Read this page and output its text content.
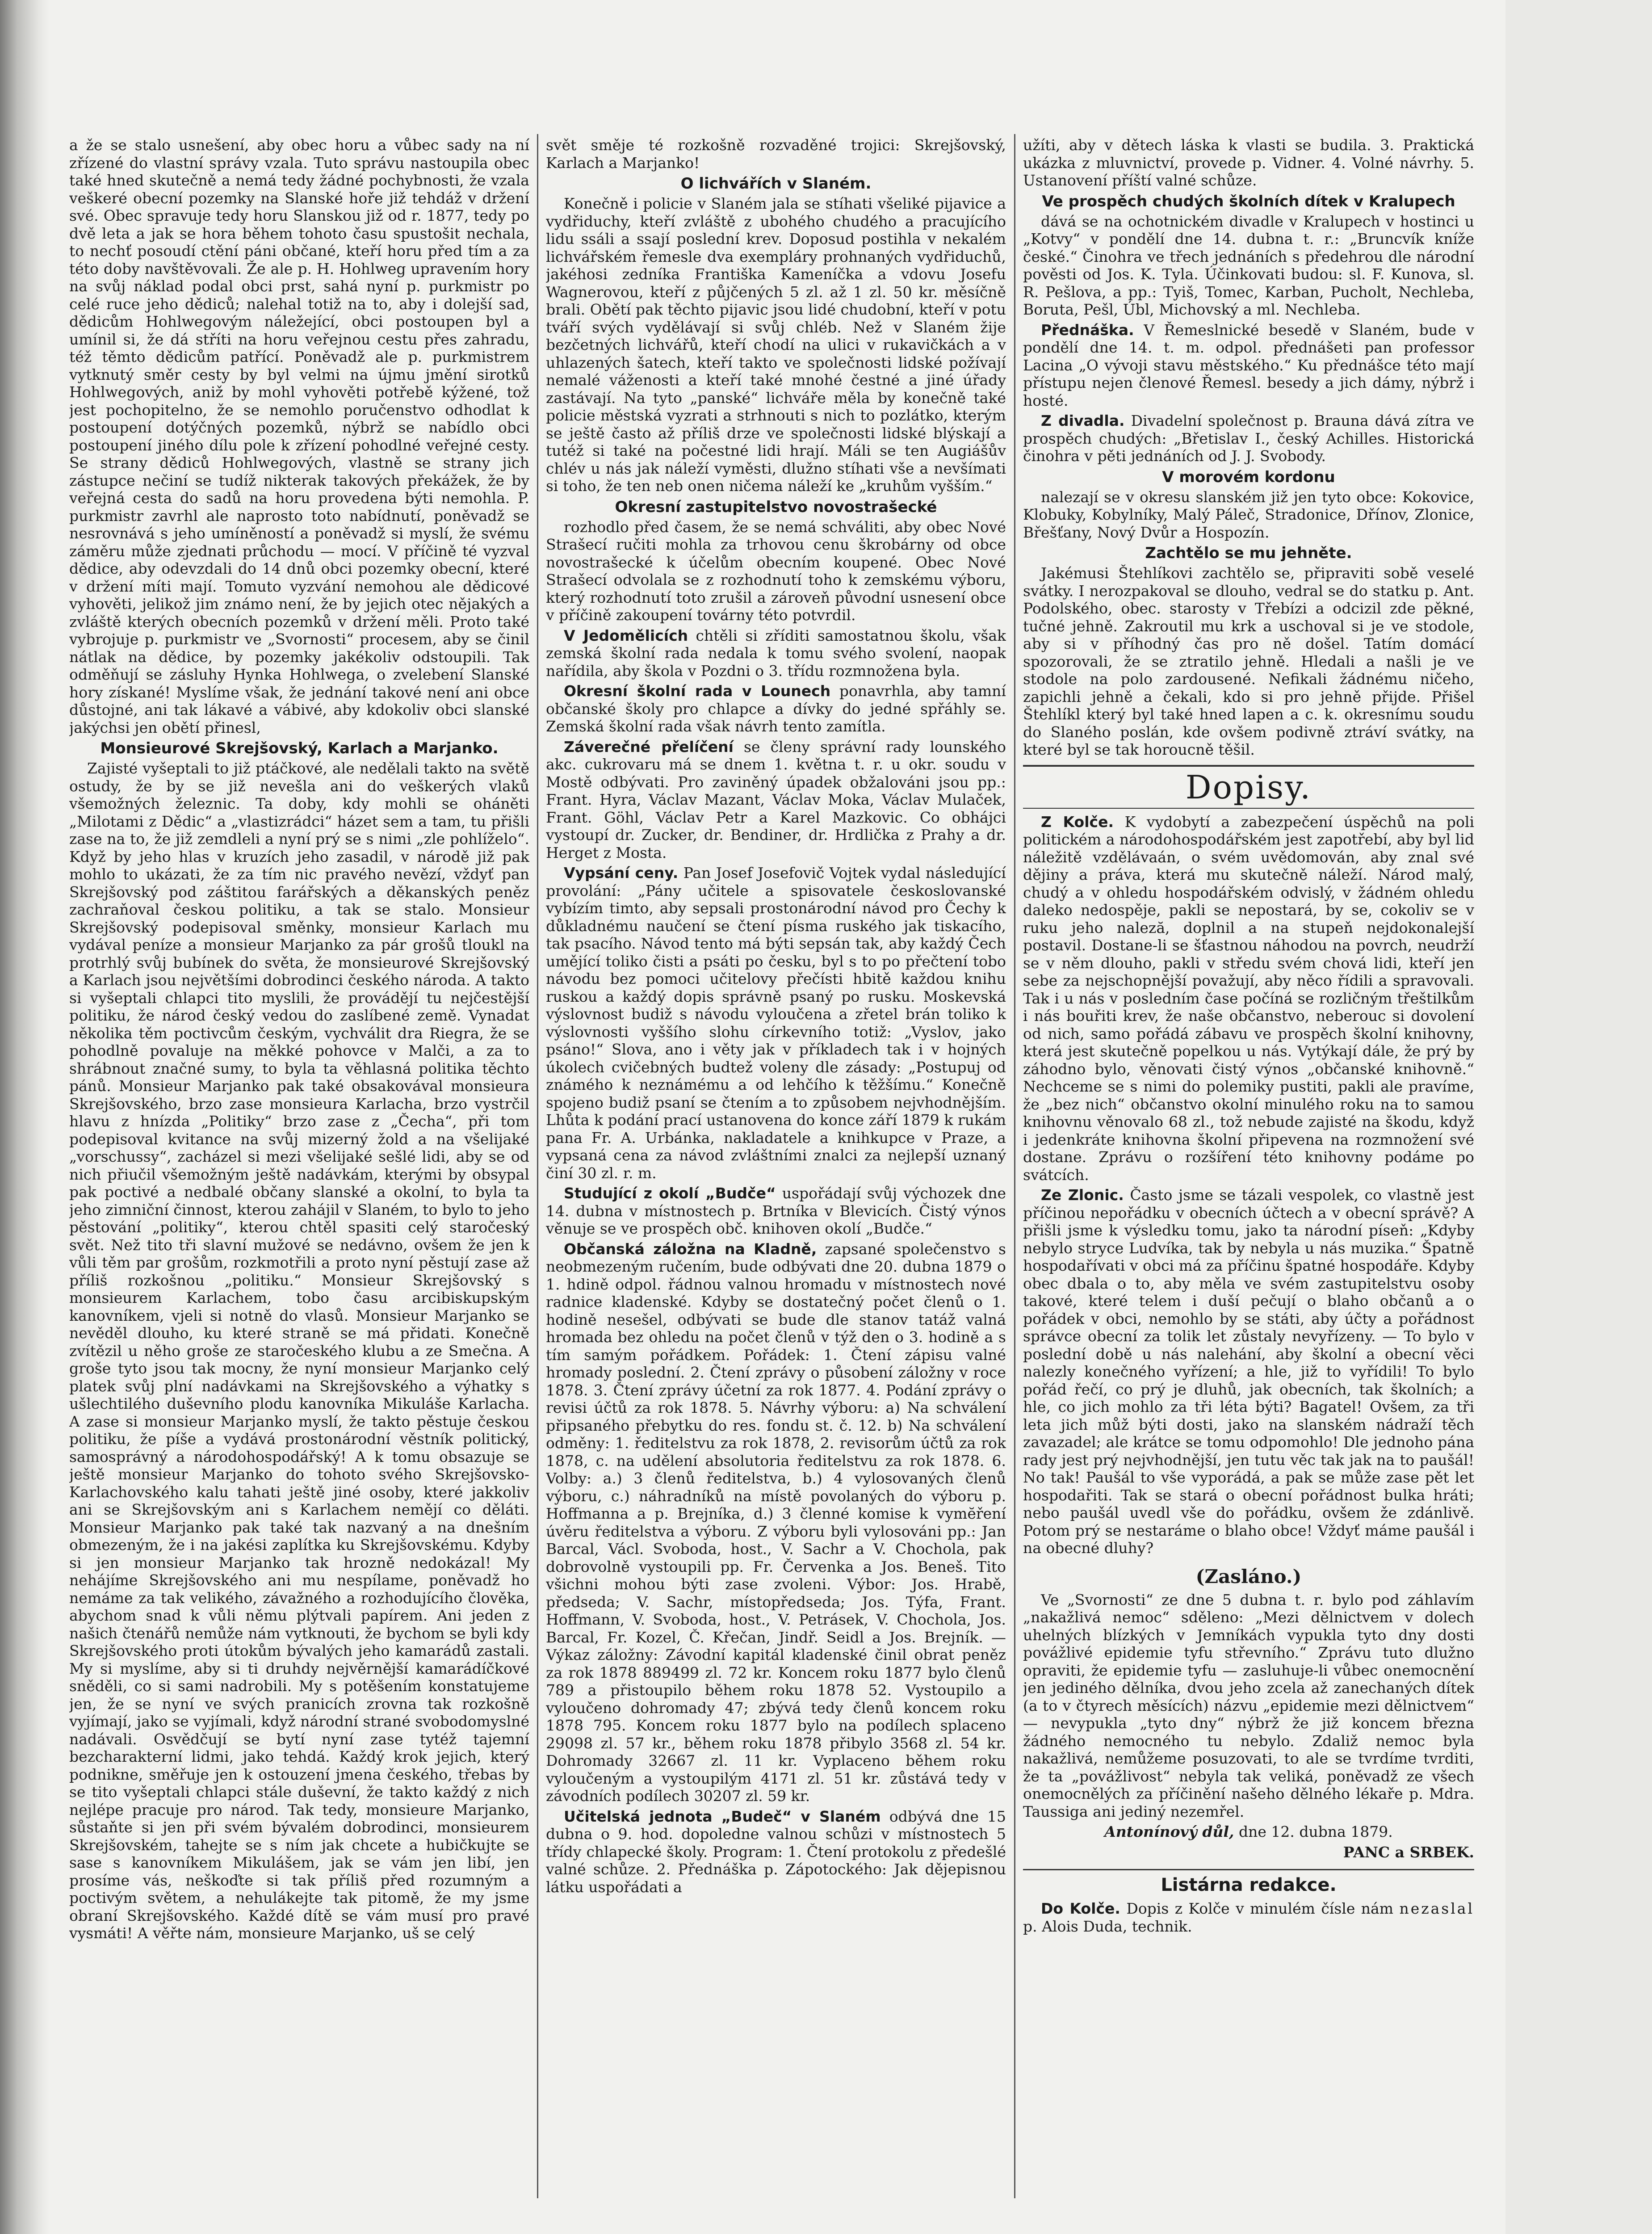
a že se stalo usnešení, aby obec horu a vůbec sady na ní zřízené do vlastní správy vzala. Tuto správu nastoupila obec také hned skutečně a nemá tedy žádné pochybnosti, že vzala veškeré obecní pozemky na Slanské hoře již tehdáž v držení své. Obec spravuje tedy horu Slanskou již od r. 1877, tedy po dvě leta a jak se hora během tohoto času spustošit nechala, to nechť posoudí ctění páni občané, kteří horu před tím a za této doby navštěvovali. Že ale p. H. Hohlweg upravením hory na svůj náklad podal obci prst, sahá nyní p. purkmistr po celé ruce jeho dědiců; nalehal totiž na to, aby i dolejší sad, dědicům Hohlwegovým náležející, obci postoupen byl a umínil si, že dá stříti na horu veřejnou cestu přes zahradu, též těmto dědicům patřící. Poněvadž ale p. purkmistrem vytknutý směr cesty by byl velmi na újmu jmění sirotků Hohlwegových, aniž by mohl vyhověti potřebě kýžené, tož jest pochopitelno, že se nemohlo poručenstvo odhodlat k postoupení dotýčných pozemků, nýbrž se nabídlo obci postoupení jiného dílu pole k zřízení pohodlné veřejné cesty. Se strany dědiců Hohlwegových, vlastně se strany jich zástupce nečiní se tudíž nikterak takových překážek, že by veřejná cesta do sadů na horu provedena býti nemohla. P. purkmistr zavrhl ale naprosto toto nabídnutí, poněvadž se nesrovnává s jeho umíněností a poněvadž si myslí, že svému záměru může zjednati průchodu — mocí. V příčině té vyzval dědice, aby odevzdali do 14 dnů obci pozemky obecní, které v držení míti mají. Tomuto vyzvání nemohou ale dědicové vyhověti, jelikož jim známo není, že by jejich otec nějakých a zvláště kterých obecních pozemků v držení měli. Proto také vybrojuje p. purkmistr ve „Svornosti“ procesem, aby se činil nátlak na dědice, by pozemky jakékoliv odstoupili. Tak odměňují se zásluhy Hynka Hohlwega, o zvelebení Slanské hory získané! Myslíme však, že jednání takové není ani obce důstojné, ani tak lákavé a vábivé, aby kdokoliv obci slanské jakýchsi jen obětí přinesl,

Monsieurové Skrejšovský, Karlach a Marjanko.

Zajisté vyšeptali to již ptáčkové, ale nedělali takto na světě ostudy, že by se již nevešla ani do veškerých vlaků všemožných železnic. Ta doby, kdy mohli se oháněti „Milotami z Dědic“ a „vlastizrádci“ házet sem a tam, tu přišli zase na to, že již zemdleli a nyní prý se s nimi „zle pohlíželo“. Když by jeho hlas v kruzích jeho zasadil, v národě již pak mohlo to ukázati, že za tím nic pravého nevězí, vždyť pan Skrejšovský pod záštitou farářských a děkanských peněz zachraňoval českou politiku, a tak se stalo. Monsieur Skrejšovský podepisoval směnky, monsieur Karlach mu vydával peníze a monsieur Marjanko za pár grošů tloukl na protrhlý svůj bubínek do světa, že monsieurové Skrejšovský a Karlach jsou největšími dobrodinci českého národa. A takto si vyšeptali chlapci tito myslili, že provádějí tu nejčestější politiku, že národ český vedou do zaslíbené země. Vynadat několika těm poctivcům českým, vychválit dra Riegra, že se pohodlně povaluje na měkké pohovce v Malči, a za to shrábnout značné sumy, to byla ta věhlasná politika těchto pánů. Monsieur Marjanko pak také obsakovával monsieura Skrejšovského, brzo zase monsieura Karlacha, brzo vystrčil hlavu z hnízda „Politiky“ brzo zase z „Čecha“, při tom podepisoval kvitance na svůj mizerný žold a na všelijaké „vorschussy“, zacházel si mezi všelijaké sešlé lidi, aby se od nich přiučil všemožným ještě nadávkám, kterými by obsypal pak poctivé a nedbalé občany slanské a okolní, to byla ta jeho zimniční činnost, kterou zahájil v Slaném, to bylo to jeho pěstování „politiky“, kterou chtěl spasiti celý staročeský svět. Než tito tři slavní mužové se nedávno, ovšem že jen k vůli těm par grošům, rozkmotřili a proto nyní pěstují zase až příliš rozkošnou „politiku.“ Monsieur Skrejšovský s monsieurem Karlachem, tobo času arcibiskupským kanovníkem, vjeli si notně do vlasů. Monsieur Marjanko se nevěděl dlouho, ku které straně se má přidati. Konečně zvítězil u něho groše ze staročeského klubu a ze Smečna. A groše tyto jsou tak mocny, že nyní monsieur Marjanko celý platek svůj plní nadávkami na Skrejšovského a výhatky s ušlechtilého duševního plodu kanovníka Mikuláše Karlacha. A zase si monsieur Marjanko myslí, že takto pěstuje českou politiku, že píše a vydává prostonárodní věstník politický, samosprávný a národohospodářský! A k tomu obsazuje se ještě monsieur Marjanko do tohoto svého Skrejšovsko-Karlachovského kalu tahati ještě jiné osoby, které jakkoliv ani se Skrejšovským ani s Karlachem nemějí co děláti. Monsieur Marjanko pak také tak nazvaný a na dnešním obmezeným, že i na jakési zaplítka ku Skrejšovskému. Kdyby si jen monsieur Marjanko tak hrozně nedokázal! My nehájíme Skrejšovského ani mu nespílame, poněvadž ho nemáme za tak velikého, závažného a rozhodujícího člověka, abychom snad k vůli němu plýtvali papírem. Ani jeden z našich čtenářů nemůže nám vytknouti, že bychom se byli kdy Skrejšovského proti útokům bývalých jeho kamarádů zastali. My si myslíme, aby si ti druhdy nejvěrnější kamarádíčkové sněděli, co si sami nadrobili. My s potěšením konstatujeme jen, že se nyní ve svých pranicích zrovna tak rozkošně vyjímají, jako se vyjímali, když národní strané svobodomyslné nadávali. Osvědčují se bytí nyní zase tytéž tajemní bezcharakterní lidmi, jako tehdá. Každý krok jejich, který podnikne, směřuje jen k ostouzení jmena českého, třebas by se tito vyšeptali chlapci stále duševní, že takto každý z nich nejlépe pracuje pro národ. Tak tedy, monsieure Marjanko, sůstaňte si jen při svém bývalém dobrodinci, monsieurem Skrejšovském, tahejte se s ním jak chcete a hubičkujte se sase s kanovníkem Mikulášem, jak se vám jen libí, jen prosíme vás, neškoďte si tak příliš před rozumným a poctivým světem, a nehulákejte tak pitomě, že my jsme obraní Skrejšovského. Každé dítě se vám musí pro pravé vysmáti! A věřte nám, monsieure Marjanko, uš se celý

svět směje té rozkošně rozvaděné trojici: Skrejšovský, Karlach a Marjanko!

O lichvářích v Slaném.

Konečně i policie v Slaném jala se stíhati všeliké pijavice a vydřiduchy, kteří zvláště z ubohého chudého a pracujícího lidu ssáli a ssají poslední krev. Doposud postihla v nekalém lichvářském řemesle dva exempláry prohnaných vydřiduchů, jakéhosi zedníka Františka Kameníčka a vdovu Josefu Wagnerovou, kteří z půjčených 5 zl. až 1 zl. 50 kr. měsíčně brali. Obětí pak těchto pijavic jsou lidé chudobní, kteří v potu tváří svých vydělávají si svůj chléb. Než v Slaném žije bezčetných lichvářů, kteří chodí na ulici v rukavičkách a v uhlazených šatech, kteří takto ve společnosti lidské požívají nemalé váženosti a kteří také mnohé čestné a jiné úřady zastávají. Na tyto „panské“ lichváře měla by konečně také policie městská vyzrati a strhnouti s nich to pozlátko, kterým se ještě často až příliš drze ve společnosti lidské blýskají a tutéž si také na počestné lidi hrají. Máli se ten Augiášův chlév u nás jak náleží vyměsti, dlužno stíhati vše a nevšímati si toho, že ten neb onen ničema náleží ke „kruhům vyšším.“

Okresní zastupitelstvo novostrašecké

rozhodlo před časem, že se nemá schváliti, aby obec Nové Strašecí ručiti mohla za trhovou cenu škrobárny od obce novostrašecké k účelům obecním koupené. Obec Nové Strašecí odvolala se z rozhodnutí toho k zemskému výboru, který rozhodnutí toto zrušil a zároveň původní usnesení obce v příčině zakoupení továrny této potvrdil.

V Jedomělicích chtěli si zříditi samostatnou školu, však zemská školní rada nedala k tomu svého svolení, naopak nařídila, aby škola v Pozdni o 3. třídu rozmnožena byla.

Okresní školní rada v Lounech ponavrhla, aby tamní občanské školy pro chlapce a dívky do jedné spřáhly se. Zemská školní rada však návrh tento zamítla.

Záverečné přelíčení se členy správní rady lounského akc. cukrovaru má se dnem 1. května t. r. u okr. soudu v Mostě odbývati. Pro zaviněný úpadek obžalováni jsou pp.: Frant. Hyra, Václav Mazant, Václav Moka, Václav Mulaček, Frant. Göhl, Václav Petr a Karel Mazkovic. Co obhájci vystoupí dr. Zucker, dr. Bendiner, dr. Hrdlička z Prahy a dr. Herget z Mosta.

Vypsání ceny. Pan Josef Josefovič Vojtek vydal následující provolání: „Pány učitele a spisovatele českoslovanské vybízím timto, aby sepsali prostonárodní návod pro Čechy k důkladnému naučení se čtení písma ruského jak tiskacího, tak psacího. Návod tento má býti sepsán tak, aby každý Čech umějící toliko čisti a psáti po česku, byl s to po přečtení tobo návodu bez pomoci učitelovy přečísti hbitě každou knihu ruskou a každý dopis správně psaný po rusku. Moskevská výslovnost budiž s návodu vyloučena a zřetel brán toliko k výslovnosti vyššího slohu církevního totiž: „Vyslov, jako psáno!“ Slova, ano i věty jak v příkladech tak i v hojných úkolech cvičebných budtež voleny dle zásady: „Postupuj od známého k neznámému a od lehčího k těžšímu.“ Konečně spojeno budiž psaní se čtením a to způsobem nejvhodnějším. Lhůta k podání prací ustanovena do konce září 1879 k rukám pana Fr. A. Urbánka, nakladatele a knihkupce v Praze, a vypsaná cena za návod zvláštními znalci za nejlepší uznaný činí 30 zl. r. m.

Studující z okolí „Budče“ uspořádají svůj výchozek dne 14. dubna v místnostech p. Brtníka v Blevicích. Čistý výnos věnuje se ve prospěch obč. knihoven okolí „Budče.“

Občanská záložna na Kladně, zapsané společenstvo s neobmezeným ručením, bude odbývati dne 20. dubna 1879 o 1. hdině odpol. řádnou valnou hromadu v místnostech nové radnice kladenské. Kdyby se dostatečný počet členů o 1. hodině nesešel, odbývati se bude dle stanov tatáž valná hromada bez ohledu na počet členů v týž den o 3. hodině a s tím samým pořádkem. Pořádek: 1. Čtení zápisu valné hromady poslední. 2. Čtení zprávy o působení záložny v roce 1878. 3. Čtení zprávy účetní za rok 1877. 4. Podání zprávy o revisi účtů za rok 1878. 5. Návrhy výboru: a) Na schválení připsaného přebytku do res. fondu st. č. 12. b) Na schválení odměny: 1. ředitelstvu za rok 1878, 2. revisorům účtů za rok 1878, c. na udělení absolutoria ředitelstvu za rok 1878. 6. Volby: a.) 3 členů ředitelstva, b.) 4 vylosovaných členů výboru, c.) náhradníků na místě povolaných do výboru p. Hoffmanna a p. Brejníka, d.) 3 členné komise k vymĕření úvěru ředitelstva a výboru. Z výboru byli vylosováni pp.: Jan Barcal, Václ. Svoboda, host., V. Sachr a V. Chochola, pak dobrovolně vystoupili pp. Fr. Červenka a Jos. Beneš. Tito všichni mohou býti zase zvoleni. Výbor: Jos. Hrabě, předseda; V. Sachr, místopředseda; Jos. Týfa, Frant. Hoffmann, V. Svoboda, host., V. Petrásek, V. Chochola, Jos. Barcal, Fr. Kozel, Č. Křečan, Jindř. Seidl a Jos. Brejník. — Výkaz záložny: Závodní kapitál kladenské činil obrat peněz za rok 1878 889499 zl. 72 kr. Koncem roku 1877 bylo členů 789 a přistoupilo během roku 1878 52. Vystoupilo a vyloučeno dohromady 47; zbývá tedy členů koncem roku 1878 795. Koncem roku 1877 bylo na podílech splaceno 29098 zl. 57 kr., během roku 1878 přibylo 3568 zl. 54 kr. Dohromady 32667 zl. 11 kr. Vyplaceno během roku vyloučeným a vystoupilým 4171 zl. 51 kr. zůstává tedy v závodních podílech 30207 zl. 59 kr.

Učitelská jednota „Budeč“ v Slaném odbývá dne 15 dubna o 9. hod. dopoledne valnou schůzi v místnostech 5 třídy chlapecké školy. Program: 1. Čtení protokolu z předešlé valné schůze. 2. Přednáška p. Zápotockého: Jak dějepisnou látku uspořádati a

užíti, aby v dětech láska k vlasti se budila. 3. Praktická ukázka z mluvnictví, provede p. Vidner. 4. Volné návrhy. 5. Ustanovení příští valné schůze.

Ve prospěch chudých školních dítek v Kralupech

dává se na ochotnickém divadle v Kralupech v hostinci u „Kotvy“ v pondělí dne 14. dubna t. r.: „Bruncvík kníže české.“ Činohra ve třech jednáních s předehrou dle národní pověsti od Jos. K. Tyla. Účinkovati budou: sl. F. Kunova, sl. R. Pešlova, a pp.: Tyiš, Tomec, Karban, Pucholt, Nechleba, Boruta, Pešl, Úbl, Michovský a ml. Nechleba.

Přednáška. V Řemeslnické besedě v Slaném, bude v pondělí dne 14. t. m. odpol. přednášeti pan professor Lacina „O vývoji stavu městského.“ Ku přednášce této mají přístupu nejen členové Řemesl. besedy a jich dámy, nýbrž i hosté.

Z divadla. Divadelní společnost p. Brauna dává zítra ve prospěch chudých: „Břetislav I., český Achilles. Historická činohra v pěti jednáních od J. J. Svobody.

V morovém kordonu

nalezají se v okresu slanském již jen tyto obce: Kokovice, Klobuky, Kobylníky, Malý Páleč, Stradonice, Dřínov, Zlonice, Břešťany, Nový Dvůr a Hospozín.

Zachtělo se mu jehněte.

Jakémusi Štehlíkovi zachtělo se, připraviti sobě veselé svátky. I nerozpakoval se dlouho, vedral se do statku p. Ant. Podolského, obec. starosty v Třebízi a odcizil zde pěkné, tučné jehně. Zakroutil mu krk a uschoval si je ve stodole, aby si v příhodný čas pro ně došel. Tatím domácí spozorovali, že se ztratilo jehně. Hledali a našli je ve stodole na polo zardousené. Nefikali žádnému ničeho, zapichli jehně a čekali, kdo si pro jehně přijde. Přišel Štehlíkl který byl také hned lapen a c. k. okresnímu soudu do Slaného poslán, kde ovšem podivně ztráví svátky, na které byl se tak horoucně těšil.

Dopisy.

Z Kolče. K vydobytí a zabezpečení úspěchů na poli politickém a národohospodářském jest zapotřebí, aby byl lid náležitě vzdělávaán, o svém uvědomován, aby znal své dějiny a práva, která mu skutečně náleží. Národ malý, chudý a v ohledu hospodářském odvislý, v žádném ohledu daleko nedospěje, pakli se nepostará, by se, cokoliv se v ruku jeho naleză, doplnil a na stupeň nejdokonalejší postavil. Dostane-li se šťastnou náhodou na povrch, neudrží se v něm dlouho, pakli v středu svém chová lidi, kteří jen sebe za nejschopnější považují, aby něco řídili a spravovali. Tak i u nás v posledním čase počíná se rozličným třeštilkům i nás bouřiti krev, že naše občanstvo, neberouc si dovolení od nich, samo pořádá zábavu ve prospěch školní knihovny, která jest skutečně popelkou u nás. Vytýkají dále, že prý by záhodno bylo, věnovati čistý výnos „občanské knihovně.“ Nechceme se s nimi do polemiky pustiti, pakli ale pravíme, že „bez nich“ občanstvo okolní minulého roku na to samou knihovnu věnovalo 68 zl., tož nebude zajisté na škodu, když i jedenkráte knihovna školní připevena na rozmnožení své dostane. Zprávu o rozšíření této knihovny podáme po svátcích.

Ze Zlonic. Často jsme se tázali vespolek, co vlastně jest příčinou nepořádku v obecních účtech a v obecní správě? A přišli jsme k výsledku tomu, jako ta národní píseň: „Kdyby nebylo stryce Ludvíka, tak by nebyla u nás muzika.“ Špatně hospodařívati v obci má za příčinu špatné hospodáře. Kdyby obec dbala o to, aby měla ve svém zastupitelstvu osoby takové, které telem i duší pečují o blaho občanů a o pořádek v obci, nemohlo by se státi, aby účty a pořádnost správce obecní za tolik let zůstaly nevyřízeny. — To bylo v poslední době u nás nalehání, aby školní a obecní věci nalezly konečného vyřízení; a hle, již to vyřídili! To bylo pořád řečí, co prý je dluhů, jak obecních, tak školních; a hle, co jich mohlo za tři léta býti? Bagatel! Ovšem, za tři leta jich můž býti dosti, jako na slanském nádraží těch zavazadel; ale krátce se tomu odpomohlo! Dle jednoho pána rady jest prý nejvhodnější, jen tutu věc tak jak na to paušál! No tak! Paušál to vše vyporádá, a pak se může zase pět let hospodařiti. Tak se stará o obecní pořádnost bulka hráti; nebo paušál uvedl vše do pořádku, ovšem že zdánlivě. Potom prý se nestaráme o blaho obce! Vždyť máme paušál i na obecné dluhy?

(Zasláno.)

Ve „Svornosti“ ze dne 5 dubna t. r. bylo pod záhlavím „nakažlivá nemoc“ sděleno: „Mezi dělnictvem v dolech uhelných blízkých v Jemníkách vypukla tyto dny dosti povážlivé epidemie tyfu střevního.“ Zprávu tuto dlužno opraviti, že epidemie tyfu — zasluhuje-li vůbec onemocnění jen jediného dělníka, dvou jeho zcela až zanechaných dítek (a to v čtyrech měsících) názvu „epidemie mezi dělnictvem“ — nevypukla „tyto dny“ nýbrž že již koncem března žádného nemocného tu nebylo. Zdaliž nemoc byla nakažlivá, nemůžeme posuzovati, to ale se tvrdíme tvrditi, že ta „povážlivost“ nebyla tak veliká, poněvadž ze všech onemocnělých za příčinění našeho dělného lékaře p. Mdra. Taussiga ani jediný nezemřel.

Antonínový důl, dne 12. dubna 1879.

PANC a SRBEK.
Listárna redakce.

Do Kolče. Dopis z Kolče v minulém čísle nám nezaslal p. Alois Duda, technik.
